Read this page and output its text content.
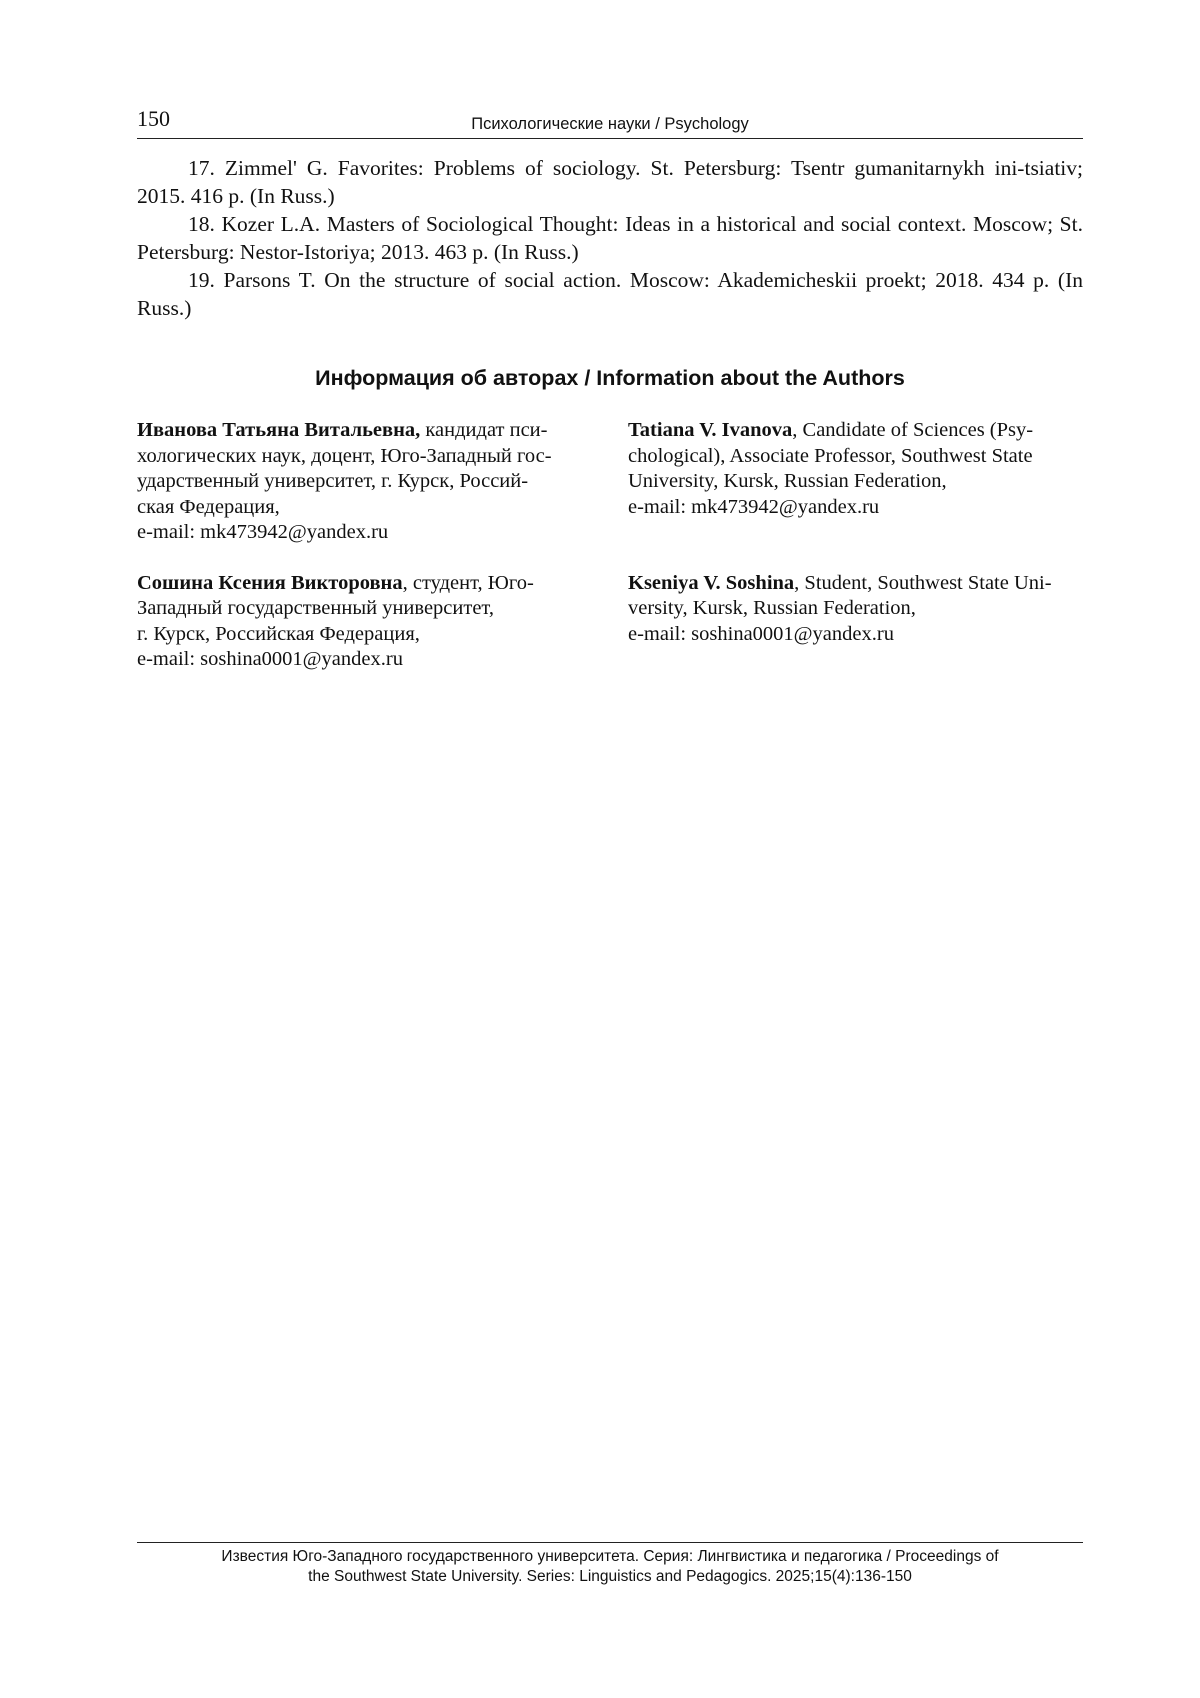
150	Психологические науки / Psychology

17. Zimmel' G. Favorites: Problems of sociology. St. Petersburg: Tsentr gumanitarnykh ini-tsiativ; 2015. 416 p. (In Russ.)

18. Kozer L.A. Masters of Sociological Thought: Ideas in a historical and social context. Moscow; St. Petersburg: Nestor-Istoriya; 2013. 463 p. (In Russ.)

19. Parsons T. On the structure of social action. Moscow: Akademicheskii proekt; 2018. 434 p. (In Russ.)

Информация об авторах / Information about the Authors

Иванова Татьяна Витальевна, кандидат пси-

хологических наук, доцент, Юго-Западный гос-

ударственный университет, г. Курск, Россий-

ская Федерация,

e-mail: mk473942@yandex.ru

Tatiana V. Ivanova, Candidate of Sciences (Psy-

chological), Associate Professor, Southwest State

University, Kursk, Russian Federation,

e-mail: mk473942@yandex.ru

Сошина Ксения Викторовна, студент, Юго-

Западный государственный университет,

г. Курск, Российская Федерация,

e-mail: soshina0001@yandex.ru

Kseniya V. Soshina, Student, Southwest State Uni-

versity, Kursk, Russian Federation,

e-mail: soshina0001@yandex.ru

Известия Юго-Западного государственного университета. Серия: Лингвистика и педагогика / Proceedings of

the Southwest State University. Series: Linguistics and Pedagogics. 2025;15(4):136-150
